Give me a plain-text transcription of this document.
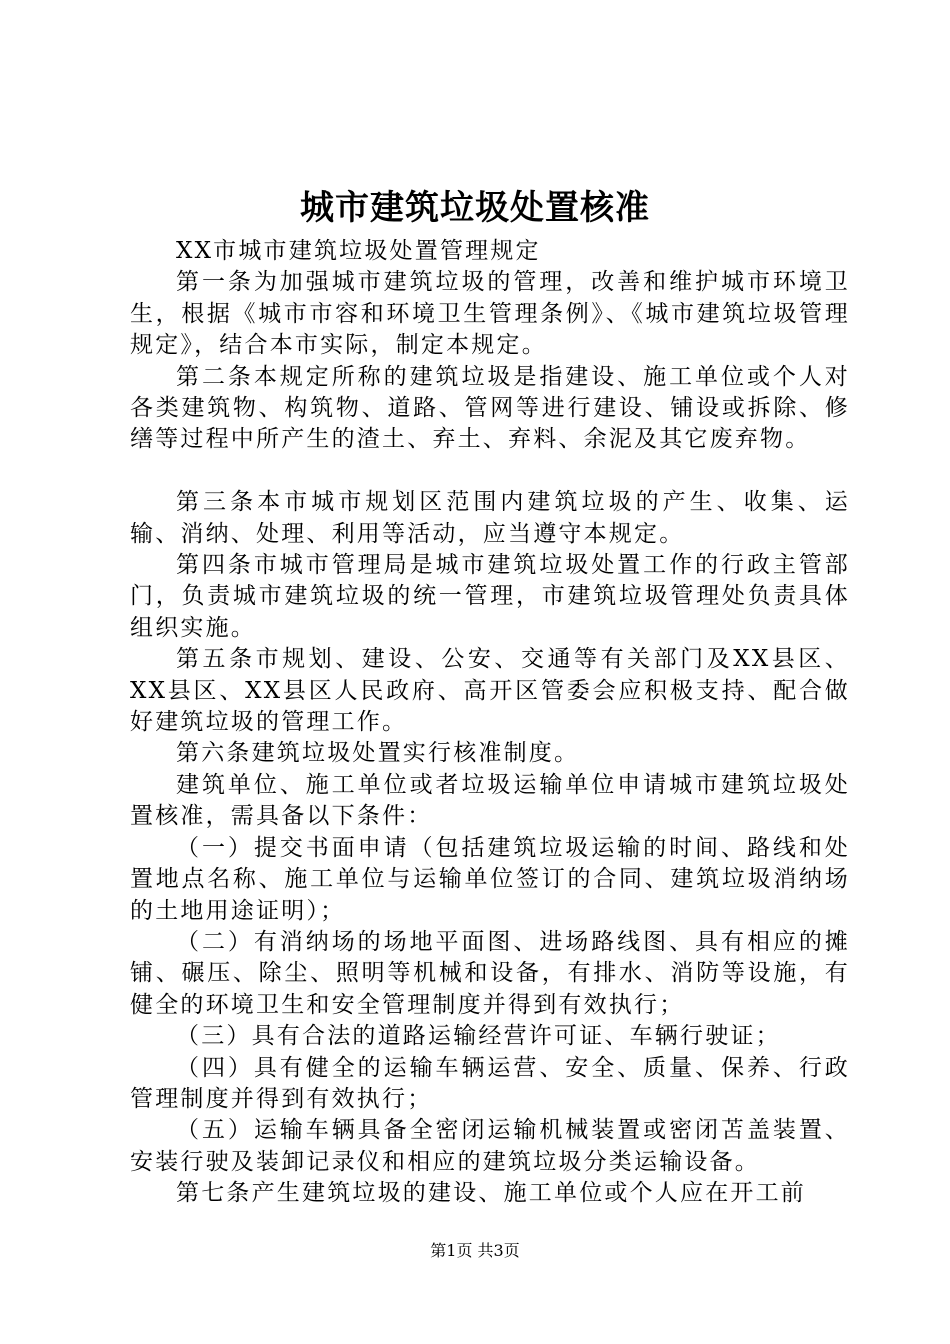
城市建筑垃圾处置核准

XX市城市建筑垃圾处置管理规定

第一条为加强城市建筑垃圾的管理，改善和维护城市环境卫生，根据《城市市容和环境卫生管理条例》、《城市建筑垃圾管理规定》，结合本市实际，制定本规定。

第二条本规定所称的建筑垃圾是指建设、施工单位或个人对各类建筑物、构筑物、道路、管网等进行建设、铺设或拆除、修缮等过程中所产生的渣土、弃土、弃料、余泥及其它废弃物。

第三条本市城市规划区范围内建筑垃圾的产生、收集、运输、消纳、处理、利用等活动，应当遵守本规定。

第四条市城市管理局是城市建筑垃圾处置工作的行政主管部门，负责城市建筑垃圾的统一管理，市建筑垃圾管理处负责具体组织实施。

第五条市规划、建设、公安、交通等有关部门及XX县区、XX县区、XX县区人民政府、高开区管委会应积极支持、配合做好建筑垃圾的管理工作。

第六条建筑垃圾处置实行核准制度。

建筑单位、施工单位或者垃圾运输单位申请城市建筑垃圾处置核准，需具备以下条件：

（一）提交书面申请（包括建筑垃圾运输的时间、路线和处置地点名称、施工单位与运输单位签订的合同、建筑垃圾消纳场的土地用途证明）；

（二）有消纳场的场地平面图、进场路线图、具有相应的摊铺、碾压、除尘、照明等机械和设备，有排水、消防等设施，有健全的环境卫生和安全管理制度并得到有效执行；

（三）具有合法的道路运输经营许可证、车辆行驶证；

（四）具有健全的运输车辆运营、安全、质量、保养、行政管理制度并得到有效执行；

（五）运输车辆具备全密闭运输机械装置或密闭苫盖装置、安装行驶及装卸记录仪和相应的建筑垃圾分类运输设备。

第七条产生建筑垃圾的建设、施工单位或个人应在开工前

第1页 共3页
